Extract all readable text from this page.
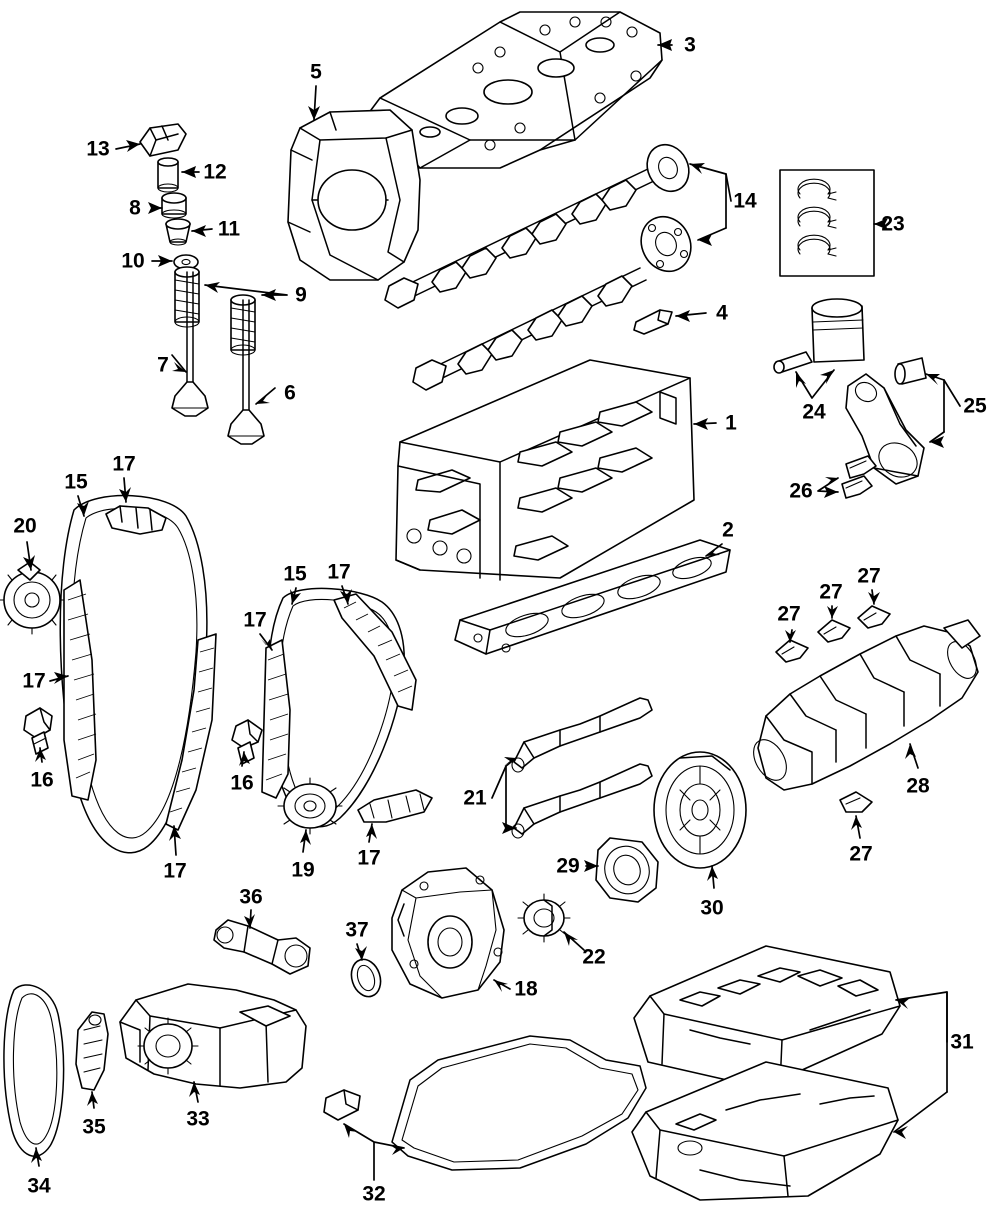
3
5
13
12
8
11
10
9
14
23
4
7
6
24	25
1
26
2
17
15
20
17
16
17
15 17
17
16
19
17
21
29
30
27
27
27
28
27
22
18
36
37
31
33
35
34	32
